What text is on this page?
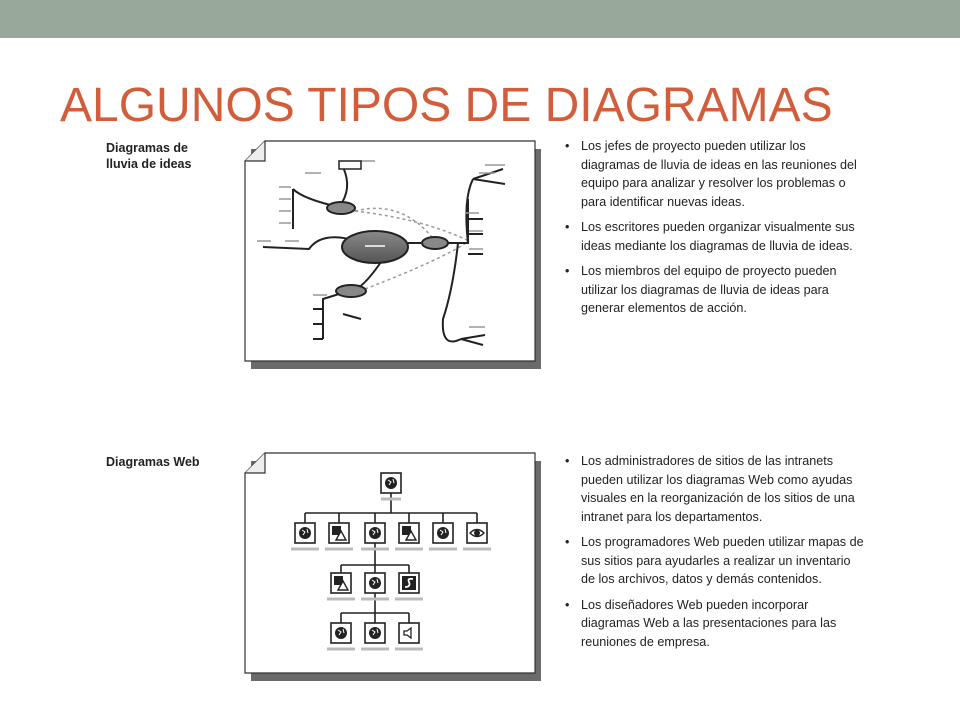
ALGUNOS TIPOS DE DIAGRAMAS
Diagramas de
lluvia de ideas
• Los jefes de proyecto pueden utilizar los diagramas de lluvia de ideas en las reuniones del equipo para analizar y resolver los problemas o para identificar nuevas ideas.
• Los escritores pueden organizar visualmente sus ideas mediante los diagramas de lluvia de ideas.
• Los miembros del equipo de proyecto pueden utilizar los diagramas de lluvia de ideas para generar elementos de acción.
Diagramas Web	• Los administradores de sitios de las intranets pueden utilizar los diagramas Web como ayudas visuales en la reorganización de los sitios de una intranet para los departamentos.
• Los programadores Web pueden utilizar mapas de sus sitios para ayudarles a realizar un inventario de los archivos, datos y demás contenidos.
• Los diseñadores Web pueden incorporar diagramas Web a las presentaciones para las reuniones de empresa.
